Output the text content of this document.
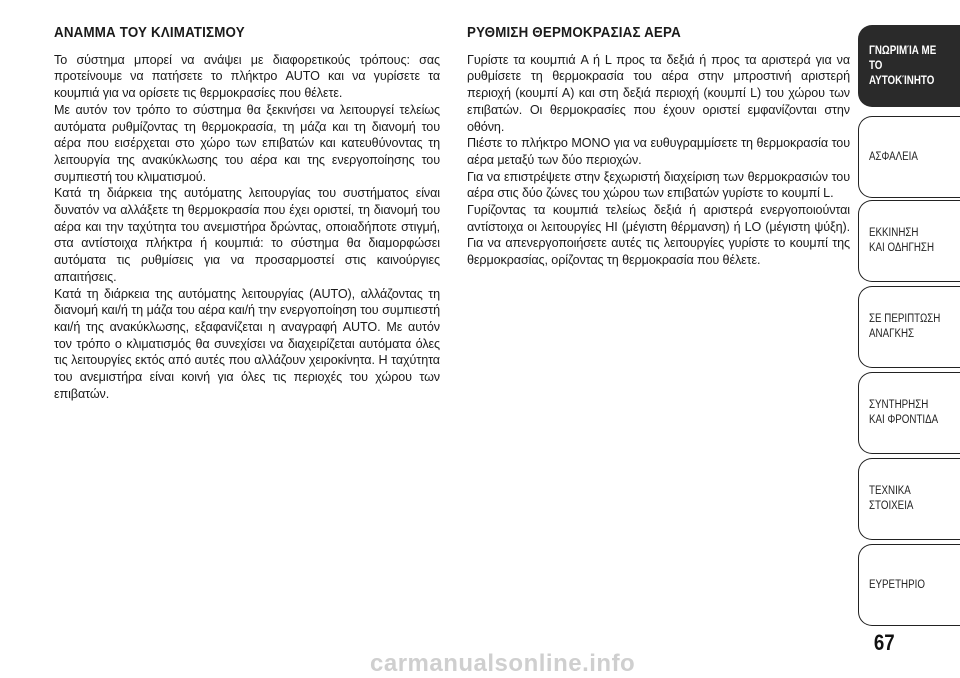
ΑΝΑΜΜΑ ΤΟΥ ΚΛΙΜΑΤΙΣΜΟΥ

Το σύστημα μπορεί να ανάψει με διαφορετικούς τρόπους: σας προτείνουμε να πατήσετε το πλήκτρο AUTO και να γυρίσετε τα κουμπιά για να ορίσετε τις θερμοκρασίες που θέλετε.
Με αυτόν τον τρόπο το σύστημα θα ξεκινήσει να λειτουργεί τελείως αυτόματα ρυθμίζοντας τη θερμοκρασία, τη μάζα και τη διανομή του αέρα που εισέρχεται στο χώρο των επιβατών και κατευθύνοντας τη λειτουργία της ανακύκλωσης του αέρα και της ενεργοποίησης του συμπιεστή του κλιματισμού.
Κατά τη διάρκεια της αυτόματης λειτουργίας του συστήματος είναι δυνατόν να αλλάξετε τη θερμοκρασία που έχει οριστεί, τη διανομή του αέρα και την ταχύτητα του ανεμιστήρα δρώντας, οποιαδήποτε στιγμή, στα αντίστοιχα πλήκτρα ή κουμπιά: το σύστημα θα διαμορφώσει αυτόματα τις ρυθμίσεις για να προσαρμοστεί στις καινούργιες απαιτήσεις.
Κατά τη διάρκεια της αυτόματης λειτουργίας (AUTO), αλλάζοντας τη διανομή και/ή τη μάζα του αέρα και/ή την ενεργοποίηση του συμπιεστή και/ή της ανακύκλωσης, εξαφανίζεται η αναγραφή AUTO. Με αυτόν τον τρόπο ο κλιματισμός θα συνεχίσει να διαχειρίζεται αυτόματα όλες τις λειτουργίες εκτός από αυτές που αλλάζουν χειροκίνητα. Η ταχύτητα του ανεμιστήρα είναι κοινή για όλες τις περιοχές του χώρου των επιβατών.

ΡΥΘΜΙΣΗ ΘΕΡΜΟΚΡΑΣΙΑΣ ΑΕΡΑ

Γυρίστε τα κουμπιά A ή L προς τα δεξιά ή προς τα αριστερά για να ρυθμίσετε τη θερμοκρασία του αέρα στην μπροστινή αριστερή περιοχή (κουμπί A) και στη δεξιά περιοχή (κουμπί L) του χώρου των επιβατών. Οι θερμοκρασίες που έχουν οριστεί εμφανίζονται στην οθόνη.
Πιέστε το πλήκτρο MONO για να ευθυγραμμίσετε τη θερμοκρασία του αέρα μεταξύ των δύο περιοχών.
Για να επιστρέψετε στην ξεχωριστή διαχείριση των θερμοκρασιών του αέρα στις δύο ζώνες του χώρου των επιβατών γυρίστε το κουμπί L.
Γυρίζοντας τα κουμπιά τελείως δεξιά ή αριστερά ενεργοποιούνται αντίστοιχα οι λειτουργίες HI (μέγιστη θέρμανση) ή LO (μέγιστη ψύξη). Για να απενεργοποιήσετε αυτές τις λειτουργίες γυρίστε το κουμπί της θερμοκρασίας, ορίζοντας τη θερμοκρασία που θέλετε.

ΓΝΩΡΙΜΊΑ ΜΕ ΤΟ
ΑΥΤΟΚΊΝΗΤΟ
ΑΣΦΑΛΕΙΑ
ΕΚΚΙΝΗΣΗ
ΚΑΙ ΟΔΗΓΗΣΗ
ΣΕ ΠΕΡΙΠΤΩΣΗ
ΑΝΑΓΚΗΣ
ΣΥΝΤΗΡΗΣΗ
ΚΑΙ ΦΡΟΝΤΙΔΑ
ΤΕΧΝΙΚΑ
ΣΤΟΙΧΕΙΑ
ΕΥΡΕΤΗΡΙΟ
67
carmanualsonline.info
